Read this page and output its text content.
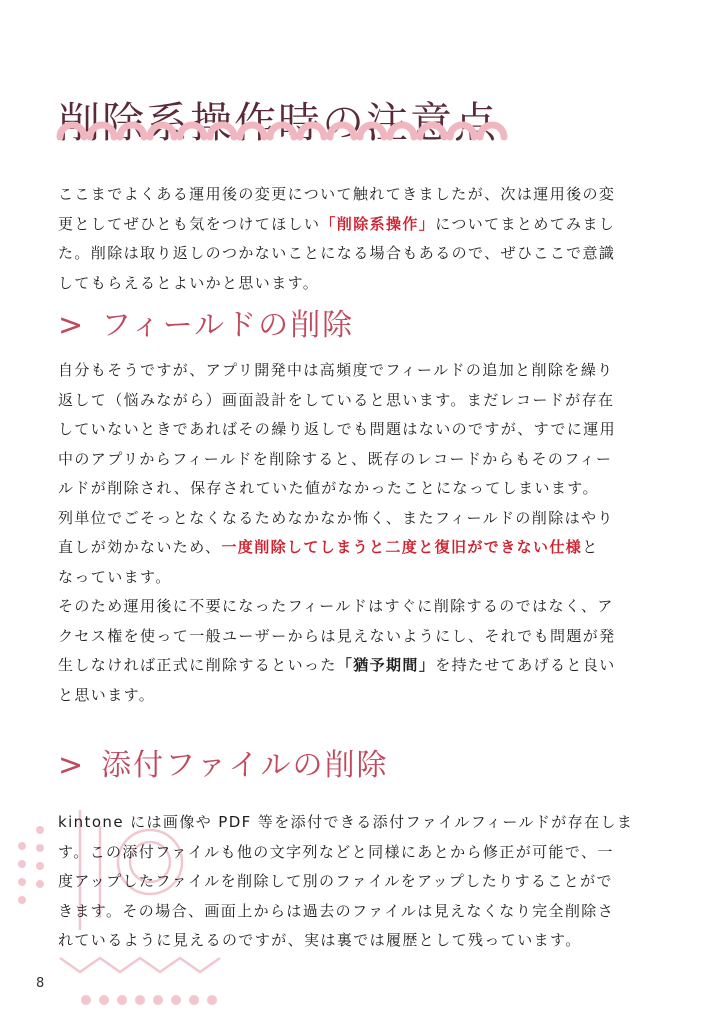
削除系操作時の注意点
ここまでよくある運用後の変更について触れてきましたが、次は運用後の変
更としてぜひとも気をつけてほしい「削除系操作」についてまとめてみまし
た。削除は取り返しのつかないことになる場合もあるので、ぜひここで意識
してもらえるとよいかと思います。
> フィールドの削除
自分もそうですが、アプリ開発中は高頻度でフィールドの追加と削除を繰り
返して（悩みながら）画面設計をしていると思います。まだレコードが存在
していないときであればその繰り返しでも問題はないのですが、すでに運用
中のアプリからフィールドを削除すると、既存のレコードからもそのフィー
ルドが削除され、保存されていた値がなかったことになってしまいます。
列単位でごそっとなくなるためなかなか怖く、またフィールドの削除はやり
直しが効かないため、一度削除してしまうと二度と復旧ができない仕様と
なっています。
そのため運用後に不要になったフィールドはすぐに削除するのではなく、ア
クセス権を使って一般ユーザーからは見えないようにし、それでも問題が発
生しなければ正式に削除するといった「猶予期間」を持たせてあげると良い
と思います。
> 添付ファイルの削除
kintone には画像や PDF 等を添付できる添付ファイルフィールドが存在しま
す。この添付ファイルも他の文字列などと同様にあとから修正が可能で、一
度アップしたファイルを削除して別のファイルをアップしたりすることがで
きます。その場合、画面上からは過去のファイルは見えなくなり完全削除さ
れているように見えるのですが、実は裏では履歴として残っています。
8
